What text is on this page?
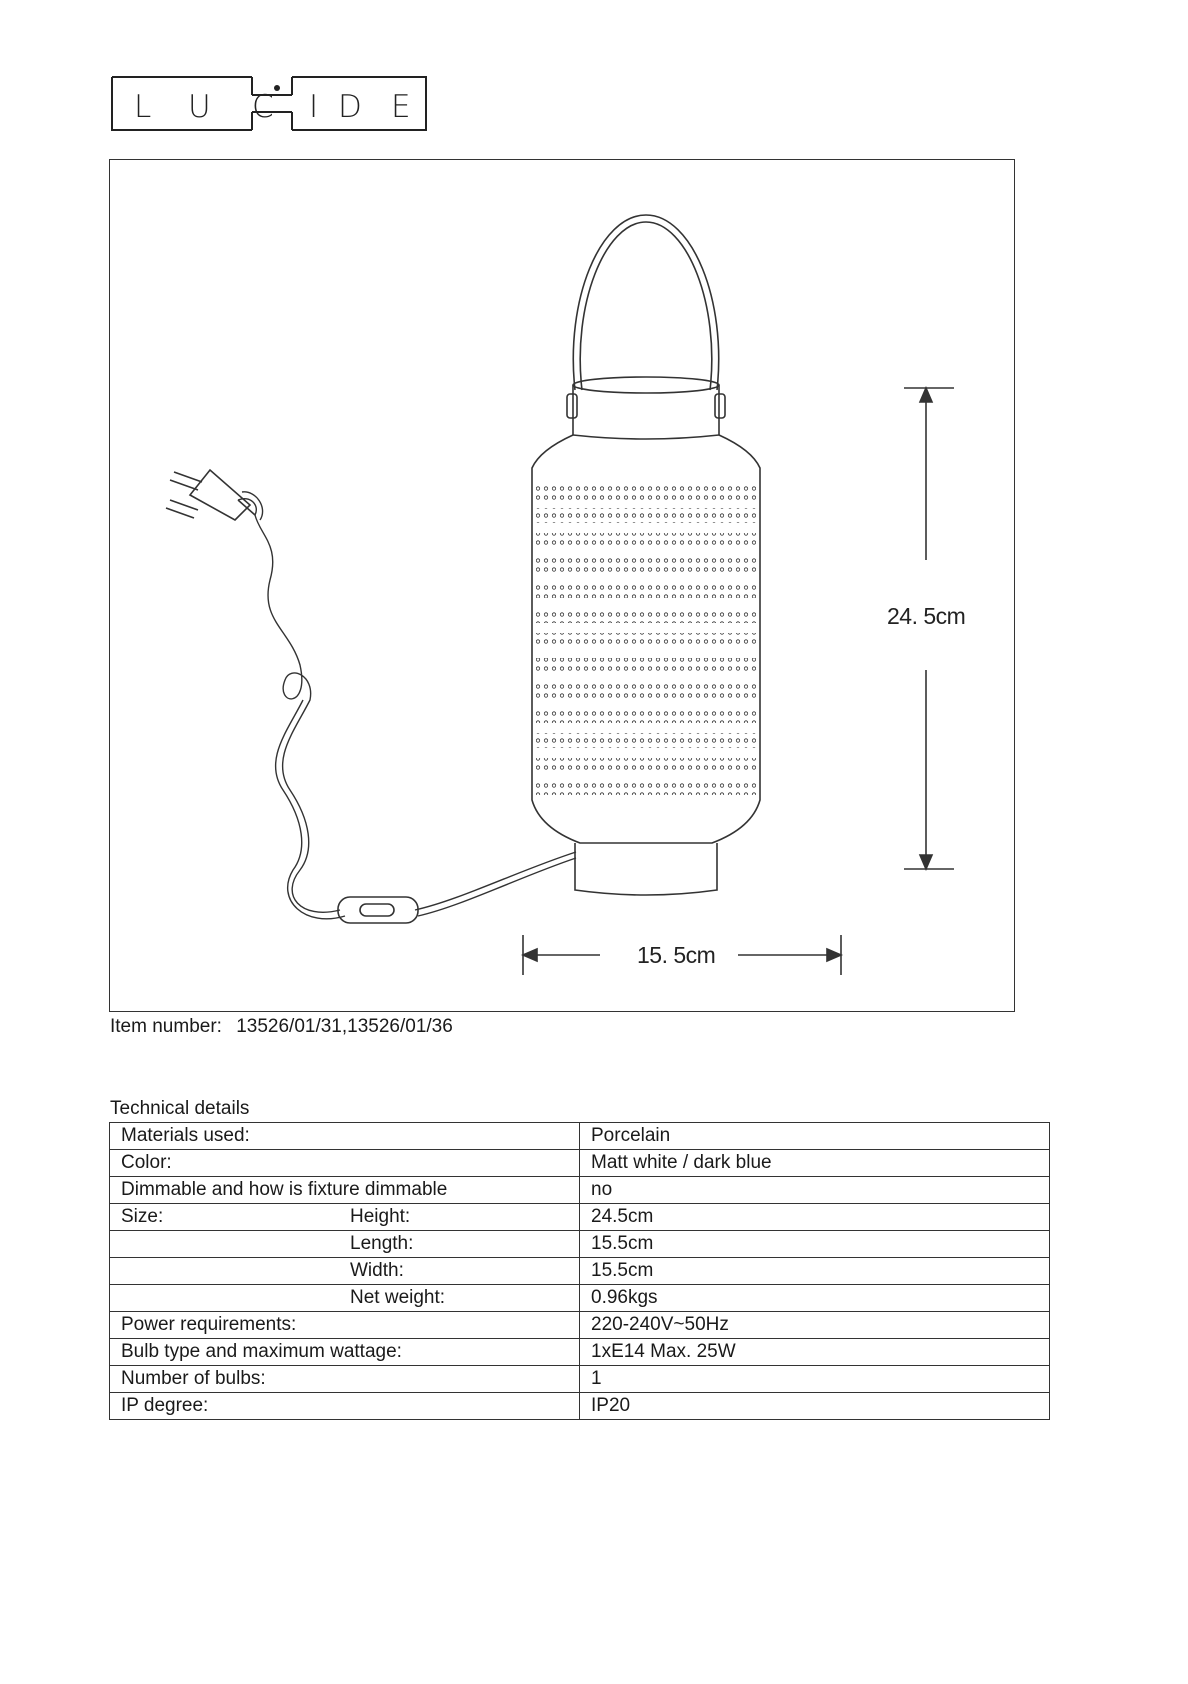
L U C I D E
24. 5cm
15. 5cm
Item number: 13526/01/31,13526/01/36
Technical details
Materials used:	Porcelain
Color:	Matt white / dark blue
Dimmable and how is fixture dimmable	no
Size: Height:	24.5cm
Length:	15.5cm
Width:	15.5cm
Net weight:	0.96kgs
Power requirements:	220-240V~50Hz
Bulb type and maximum wattage:	1xE14 Max. 25W
Number of bulbs:	1
IP degree:	IP20
